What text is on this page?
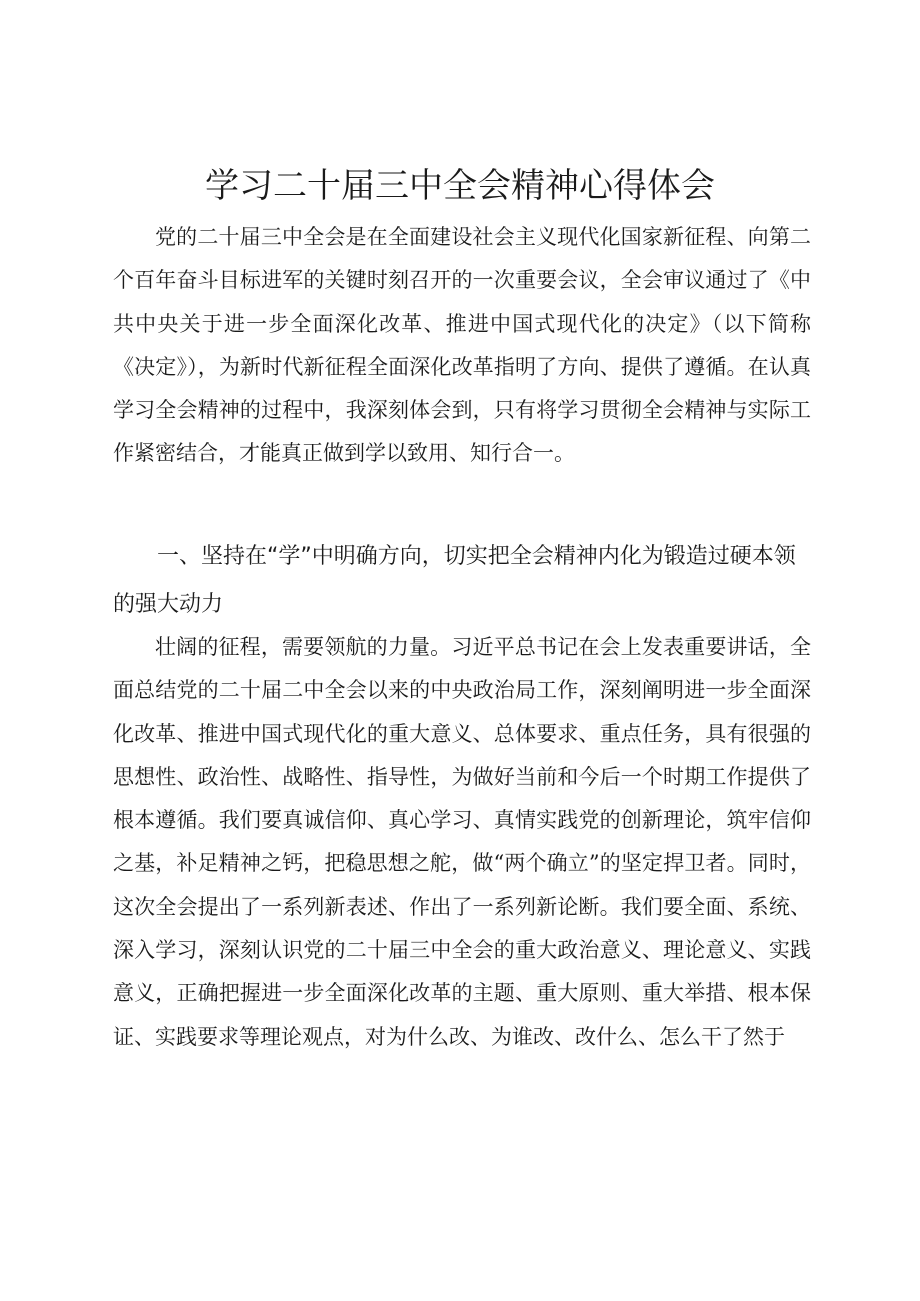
学习二十届三中全会精神心得体会

党的二十届三中全会是在全面建设社会主义现代化国家新征程、向第二个百年奋斗目标进军的关键时刻召开的一次重要会议，全会审议通过了《中共中央关于进一步全面深化改革、推进中国式现代化的决定》（以下简称《决定》），为新时代新征程全面深化改革指明了方向、提供了遵循。在认真学习全会精神的过程中，我深刻体会到，只有将学习贯彻全会精神与实际工作紧密结合，才能真正做到学以致用、知行合一。

一、坚持在“学”中明确方向，切实把全会精神内化为锻造过硬本领的强大动力

壮阔的征程，需要领航的力量。习近平总书记在会上发表重要讲话，全面总结党的二十届二中全会以来的中央政治局工作，深刻阐明进一步全面深化改革、推进中国式现代化的重大意义、总体要求、重点任务，具有很强的思想性、政治性、战略性、指导性，为做好当前和今后一个时期工作提供了根本遵循。我们要真诚信仰、真心学习、真情实践党的创新理论，筑牢信仰之基，补足精神之钙，把稳思想之舵，做“两个确立”的坚定捍卫者。同时，这次全会提出了一系列新表述、作出了一系列新论断。我们要全面、系统、深入学习，深刻认识党的二十届三中全会的重大政治意义、理论意义、实践意义，正确把握进一步全面深化改革的主题、重大原则、重大举措、根本保证、实践要求等理论观点，对为什么改、为谁改、改什么、怎么干了然于
